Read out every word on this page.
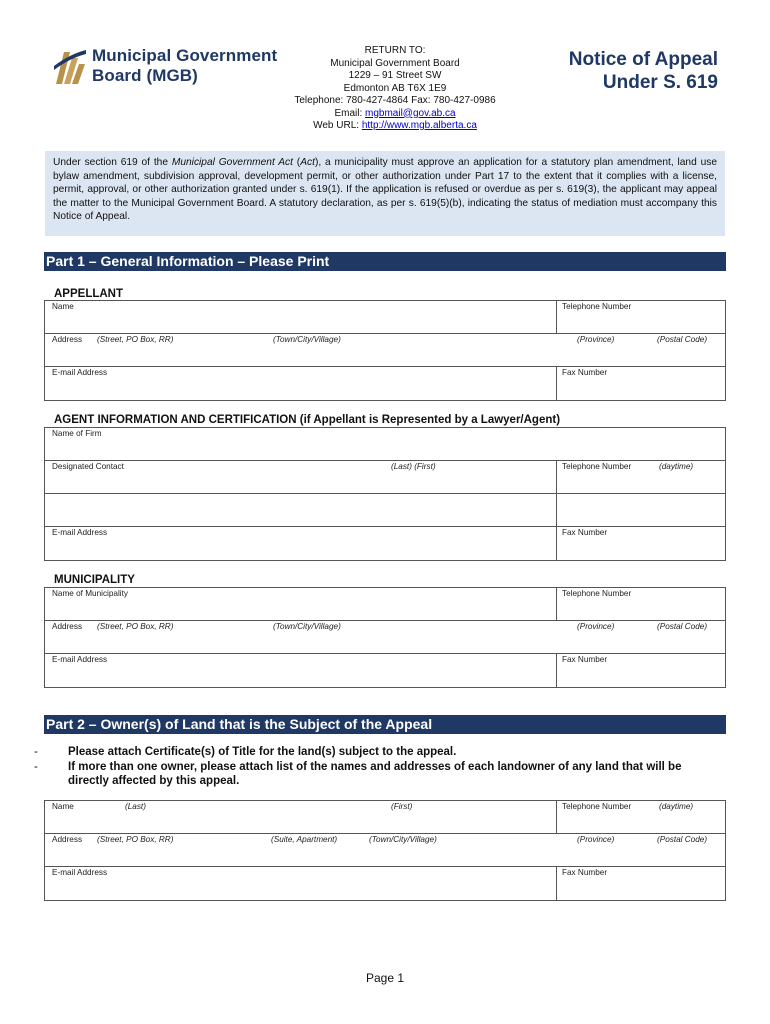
Municipal Government
Board (MGB)
RETURN TO:
Municipal Government Board
1229 – 91 Street SW
Edmonton AB T6X 1E9
Telephone: 780-427-4864 Fax: 780-427-0986
Email: mgbmail@gov.ab.ca
Web URL: http://www.mgb.alberta.ca
Notice of Appeal
Under S. 619
Under section 619 of the Municipal Government Act (Act), a municipality must approve an application for a statutory plan amendment, land use bylaw amendment, subdivision approval, development permit, or other authorization under Part 17 to the extent that it complies with a license, permit, approval, or other authorization granted under s. 619(1). If the application is refused or overdue as per s. 619(3), the applicant may appeal the matter to the Municipal Government Board. A statutory declaration, as per s. 619(5)(b), indicating the status of mediation must accompany this Notice of Appeal.
Part 1 – General Information – Please Print
APPELLANT
Name	Telephone Number
Address (Street, PO Box, RR)	(Town/City/Village)	(Province)	(Postal Code)
E-mail Address	Fax Number
AGENT INFORMATION AND CERTIFICATION (if Appellant is Represented by a Lawyer/Agent)
Name of Firm
Designated Contact	(Last) (First)	Telephone Number	(daytime)
E-mail Address	Fax Number
MUNICIPALITY
Name of Municipality	Telephone Number
Address (Street, PO Box, RR)	(Town/City/Village)	(Province)	(Postal Code)
E-mail Address	Fax Number
Part 2 – Owner(s) of Land that is the Subject of the Appeal
-	Please attach Certificate(s) of Title for the land(s) subject to the appeal.
-	If more than one owner, please attach list of the names and addresses of each landowner of any land that will be directly affected by this appeal.
Name	(Last)	(First)	Telephone Number	(daytime)
Address (Street, PO Box, RR)	(Suite, Apartment)	(Town/City/Village)	(Province)	(Postal Code)
E-mail Address	Fax Number
Page 1
